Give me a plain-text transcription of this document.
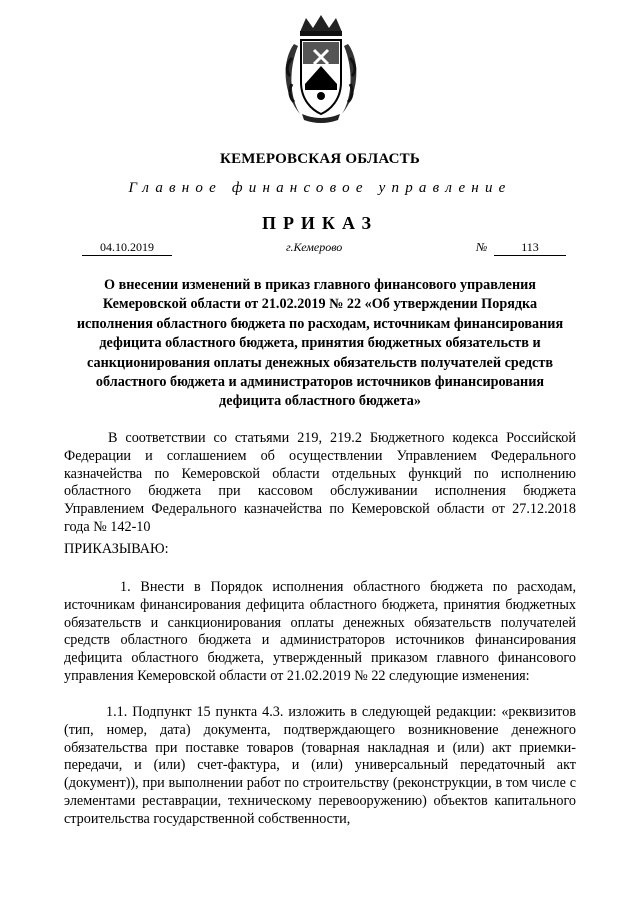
КЕМЕРОВСКАЯ ОБЛАСТЬ
Главное финансовое управление
ПРИКАЗ
04.10.2019	г.Кемерово	№	113
О внесении изменений в приказ главного финансового управления Кемеровской области от 21.02.2019 № 22 «Об утверждении Порядка исполнения областного бюджета по расходам, источникам финансирования дефицита областного бюджета, принятия бюджетных обязательств и санкционирования оплаты денежных обязательств получателей средств областного бюджета и администраторов источников финансирования дефицита областного бюджета»
В соответствии со статьями 219, 219.2 Бюджетного кодекса Российской Федерации и соглашением об осуществлении Управлением Федерального казначейства по Кемеровской области отдельных функций по исполнению областного бюджета при кассовом обслуживании исполнения бюджета Управлением Федерального казначейства по Кемеровской области от 27.12.2018 года № 142-10
ПРИКАЗЫВАЮ:
1. Внести в Порядок исполнения областного бюджета по расходам, источникам финансирования дефицита областного бюджета, принятия бюджетных обязательств и санкционирования оплаты денежных обязательств получателей средств областного бюджета и администраторов источников финансирования дефицита областного бюджета, утвержденный приказом главного финансового управления Кемеровской области от 21.02.2019 № 22 следующие изменения:
1.1. Подпункт 15 пункта 4.3. изложить в следующей редакции: «реквизитов (тип, номер, дата) документа, подтверждающего возникновение денежного обязательства при поставке товаров (товарная накладная и (или) акт приемки-передачи, и (или) счет-фактура, и (или) универсальный передаточный акт (документ)), при выполнении работ по строительству (реконструкции, в том числе с элементами реставрации, техническому перевооружению) объектов капитального строительства государственной собственности,
